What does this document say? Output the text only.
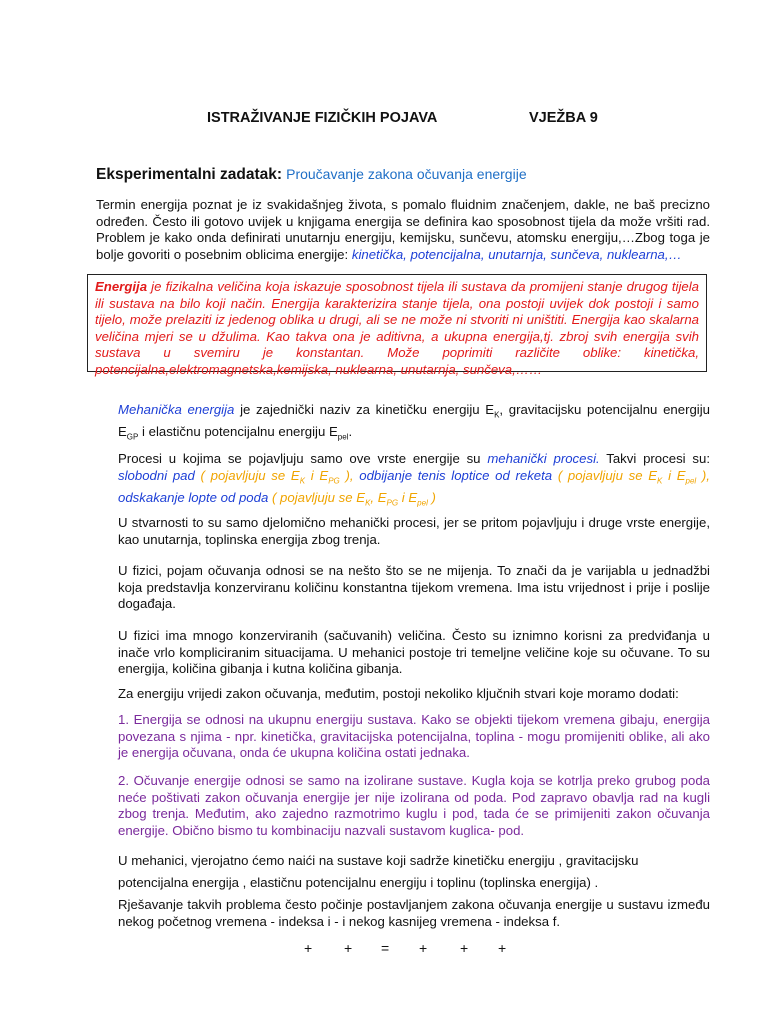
ISTRAŽIVANJE FIZIČKIH POJAVA	VJEŽBA 9
Eksperimentalni zadatak: Proučavanje zakona očuvanja energije

Termin energija poznat je iz svakidašnjeg života, s pomalo fluidnim značenjem, dakle, ne baš precizno određen. Često ili gotovo uvijek u knjigama energija se definira kao sposobnost tijela da može vršiti rad. Problem je kako onda definirati unutarnju energiju, kemijsku, sunčevu, atomsku energiju,…Zbog toga je bolje govoriti o posebnim oblicima energije: kinetička, potencijalna, unutarnja, sunčeva, nuklearna,…

Energija je fizikalna veličina koja iskazuje sposobnost tijela ili sustava da promijeni stanje drugog tijela ili sustava na bilo koji način. Energija karakterizira stanje tijela, ona postoji uvijek dok postoji i samo tijelo, može prelaziti iz jedenog oblika u drugi, ali se ne može ni stvoriti ni uništiti. Energija kao skalarna veličina mjeri se u džulima. Kao takva ona je aditivna, a ukupna energija,tj. zbroj svih energija svih sustava u svemiru je konstantan. Može poprimiti različite oblike: kinetička, potencijalna,elektromagnetska,kemijska, nuklearna, unutarnja, sunčeva,……

Mehanička energija je zajednički naziv za kinetičku energiju $E_K$, gravitacijsku potencijalnu energiju $E_{GP}$ i elastičnu potencijalnu energiju $E_{pel}$.

Procesi u kojima se pojavljuju samo ove vrste energije su mehanički procesi. Takvi procesi su: slobodni pad ( pojavljuju se $E_K$ i $E_{PG}$ ), odbijanje tenis loptice od reketa ( pojavljuju se $E_K$ i $E_{pel}$ ), odskakanje lopte od poda ( pojavljuju se $E_K$, $E_{PG}$ i $E_{pel}$ )

U stvarnosti to su samo djelomično mehanički procesi, jer se pritom pojavljuju i druge vrste energije, kao unutarnja, toplinska energija zbog trenja.

U fizici, pojam očuvanja odnosi se na nešto što se ne mijenja. To znači da je varijabla u jednadžbi koja predstavlja konzerviranu količinu konstantna tijekom vremena. Ima istu vrijednost i prije i poslije događaja.

U fizici ima mnogo konzerviranih (sačuvanih) veličina. Često su iznimno korisni za predviđanja u inače vrlo kompliciranim situacijama. U mehanici postoje tri temeljne veličine koje su očuvane. To su energija, količina gibanja i kutna količina gibanja.

Za energiju vrijedi zakon očuvanja, međutim, postoji nekoliko ključnih stvari koje moramo dodati:

1. Energija se odnosi na ukupnu energiju sustava. Kako se objekti tijekom vremena gibaju, energija povezana s njima - npr. kinetička, gravitacijska potencijalna, toplina - mogu promijeniti oblike, ali ako je energija očuvana, onda će ukupna količina ostati jednaka.

2. Očuvanje energije odnosi se samo na izolirane sustave. Kugla koja se kotrlja preko grubog poda neće poštivati zakon očuvanja energije jer nije izolirana od poda. Pod zapravo obavlja rad na kugli zbog trenja. Međutim, ako zajedno razmotrimo kuglu i pod, tada će se primijeniti zakon očuvanja energije. Obično bismo tu kombinaciju nazvali sustavom kuglica- pod.

U mehanici, vjerojatno ćemo naići na sustave koji sadrže kinetičku energiju , gravitacijsku

potencijalna energija , elastičnu potencijalnu energiju i toplinu (toplinska energija) .

Rješavanje takvih problema često počinje postavljanjem zakona očuvanja energije u sustavu između nekog početnog vremena - indeksa i - i nekog kasnijeg vremena - indeksa f.

+ + = + + +
